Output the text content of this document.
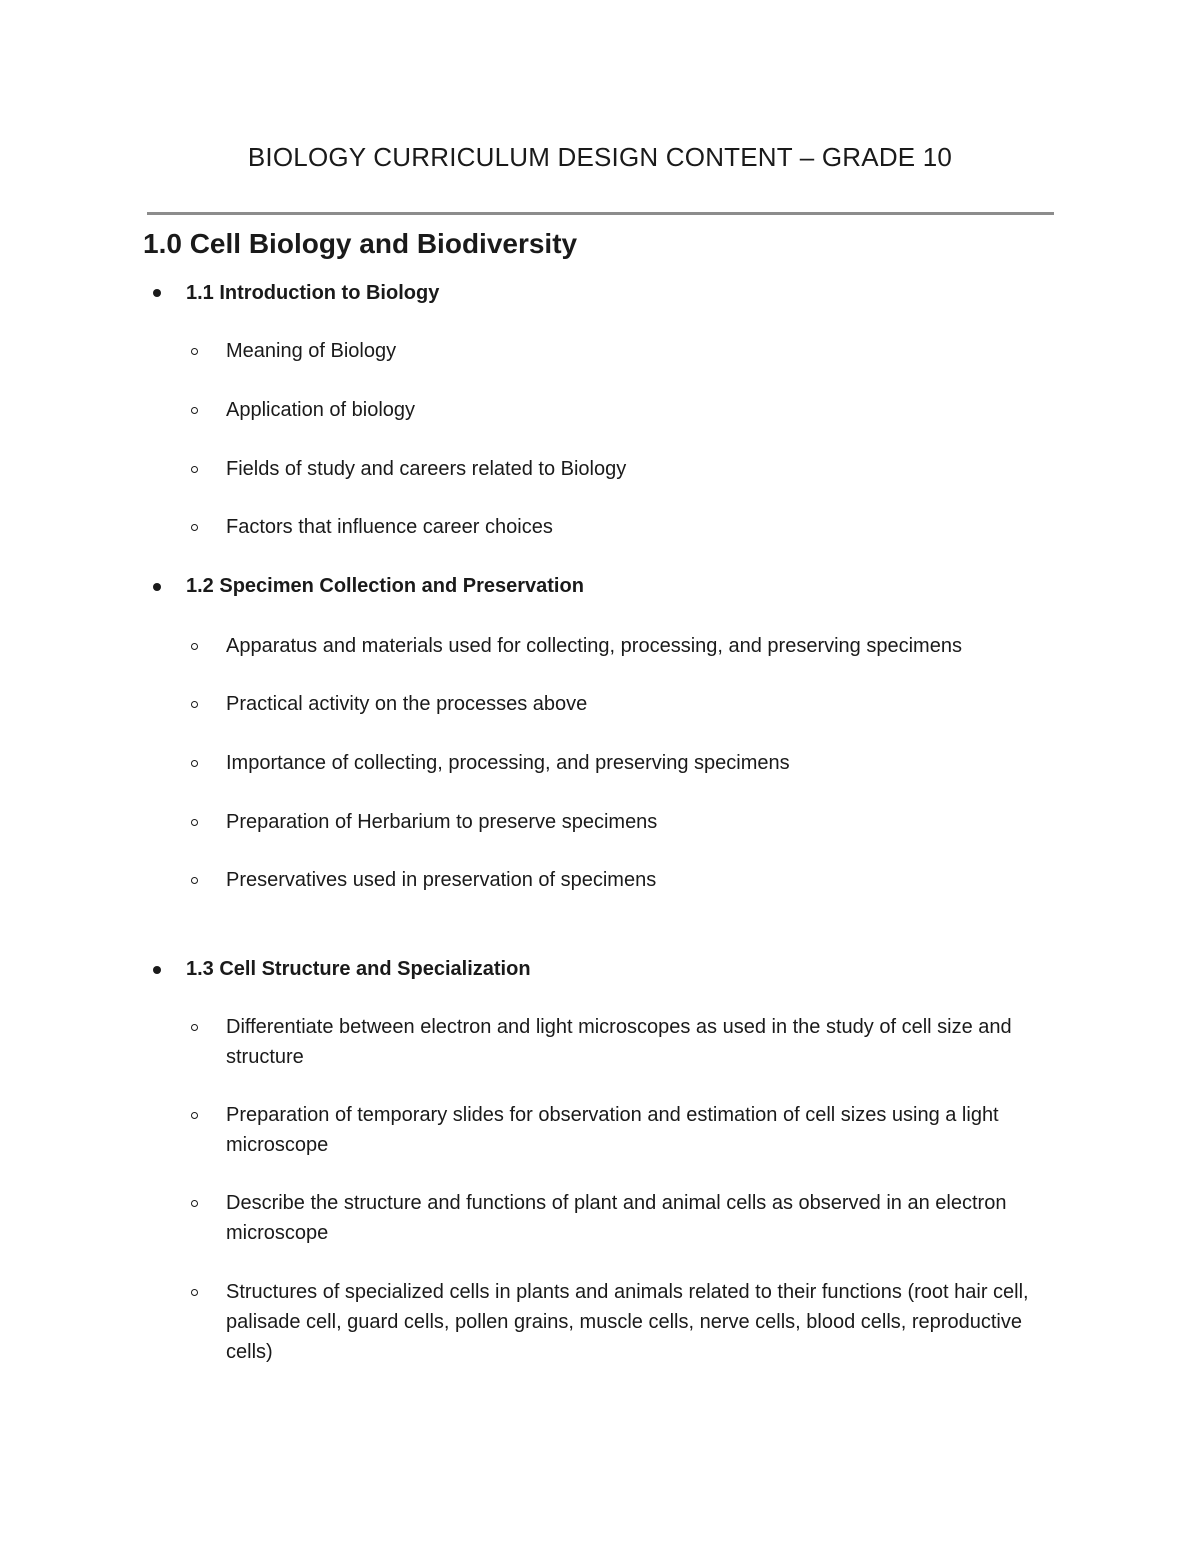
BIOLOGY CURRICULUM DESIGN CONTENT – GRADE 10
1.0 Cell Biology and Biodiversity
1.1 Introduction to Biology
Meaning of Biology
Application of biology
Fields of study and careers related to Biology
Factors that influence career choices
1.2 Specimen Collection and Preservation
Apparatus and materials used for collecting, processing, and preserving specimens
Practical activity on the processes above
Importance of collecting, processing, and preserving specimens
Preparation of Herbarium to preserve specimens
Preservatives used in preservation of specimens
1.3 Cell Structure and Specialization
Differentiate between electron and light microscopes as used in the study of cell size and structure
Preparation of temporary slides for observation and estimation of cell sizes using a light microscope
Describe the structure and functions of plant and animal cells as observed in an electron microscope
Structures of specialized cells in plants and animals related to their functions (root hair cell, palisade cell, guard cells, pollen grains, muscle cells, nerve cells, blood cells, reproductive cells)
